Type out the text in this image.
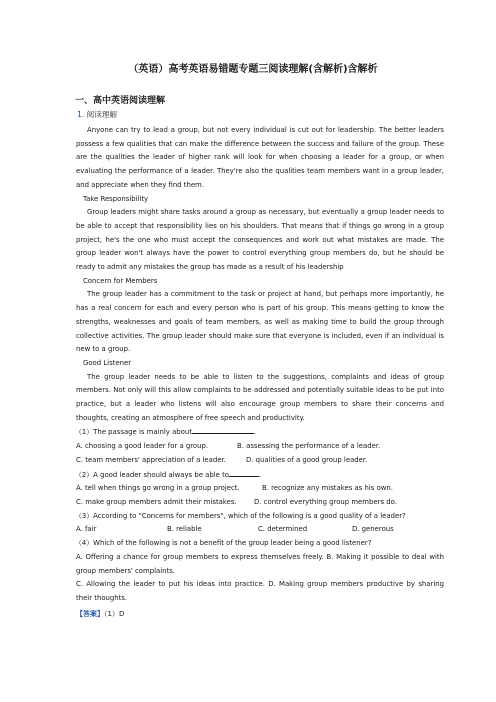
（英语）高考英语易错题专题三阅读理解(含解析)含解析
一、高中英语阅读理解
1. 阅读理解

Anyone can try to lead a group, but not every individual is cut out for leadership. The better leaders possess a few qualities that can make the difference between the success and failure of the group. These are the qualities the leader of higher rank will look for when choosing a leader for a group, or when evaluating the performance of a leader. They're also the qualities team members want in a group leader, and appreciate when they find them.

Take Responsibility

Group leaders might share tasks around a group as necessary, but eventually a group leader needs to be able to accept that responsibility lies on his shoulders. That means that if things go wrong in a group project, he's the one who must accept the consequences and work out what mistakes are made. The group leader won't always have the power to control everything group members do, but he should be ready to admit any mistakes the group has made as a result of his leadership

Concern for Members

The group leader has a commitment to the task or project at hand, but perhaps more importantly, he has a real concern for each and every person who is part of his group. This means getting to know the strengths, weaknesses and goals of team members, as well as making time to build the group through collective activities. The group leader should make sure that everyone is included, even if an individual is new to a group.

Good Listener

The group leader needs to be able to listen to the suggestions, complaints and ideas of group members. Not only will this allow complaints to be addressed and potentially suitable ideas to be put into practice, but a leader who listens will also encourage group members to share their concerns and thoughts, creating an atmosphere of free speech and productivity.

（1）The passage is mainly about	.
A. choosing a good leader for a group.	B. assessing the performance of a leader.
C. team members' appreciation of a leader.	D. qualities of a good group leader.
（2）A good leader should always be able to	.
A. tell when things go wrong in a group project.	B. recognize any mistakes as his own.
C. make group members admit their mistakes.	D. control everything group members do.
（3）According to "Concerns for members", which of the following is a good quality of a leader?
A. fair	B. reliable	C. determined	D. generous
（4）Which of the following is not a benefit of the group leader being a good listener?

A. Offering a chance for group members to express themselves freely. B. Making it possible to deal with group members' complaints.

C. Allowing the leader to put his ideas into practice. D. Making group members productive by sharing their thoughts.

【答案】（1）D
